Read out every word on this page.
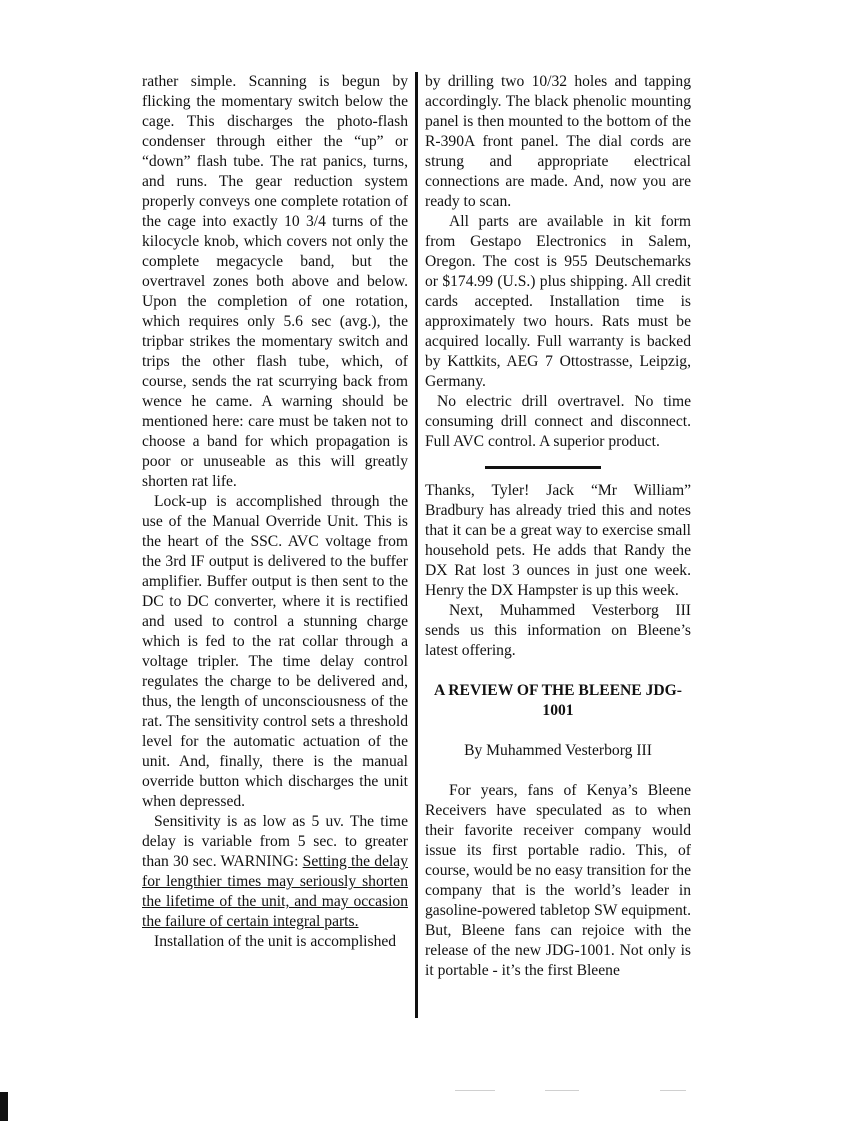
rather simple. Scanning is begun by flicking the momentary switch below the cage. This discharges the photo-flash condenser through either the “up” or “down” flash tube. The rat panics, turns, and runs. The gear reduction system properly conveys one complete rotation of the cage into exactly 10 3/4 turns of the kilocycle knob, which covers not only the complete megacycle band, but the overtravel zones both above and below. Upon the completion of one rotation, which requires only 5.6 sec (avg.), the tripbar strikes the momentary switch and trips the other flash tube, which, of course, sends the rat scurrying back from wence he came. A warning should be mentioned here: care must be taken not to choose a band for which propagation is poor or unuseable as this will greatly shorten rat life.

Lock-up is accomplished through the use of the Manual Override Unit. This is the heart of the SSC. AVC voltage from the 3rd IF output is delivered to the buffer amplifier. Buffer output is then sent to the DC to DC converter, where it is rectified and used to control a stunning charge which is fed to the rat collar through a voltage tripler. The time delay control regulates the charge to be delivered and, thus, the length of unconsciousness of the rat. The sensitivity control sets a threshold level for the automatic actuation of the unit. And, finally, there is the manual override button which discharges the unit when depressed.

Sensitivity is as low as 5 uv. The time delay is variable from 5 sec. to greater than 30 sec. WARNING: Setting the delay for lengthier times may seriously shorten the lifetime of the unit, and may occasion the failure of certain integral parts.

Installation of the unit is accomplished

by drilling two 10/32 holes and tapping accordingly. The black phenolic mounting panel is then mounted to the bottom of the R-390A front panel. The dial cords are strung and appropriate electrical connections are made. And, now you are ready to scan.

All parts are available in kit form from Gestapo Electronics in Salem, Oregon. The cost is 955 Deutschemarks or $174.99 (U.S.) plus shipping. All credit cards accepted. Installation time is approximately two hours. Rats must be acquired locally. Full warranty is backed by Kattkits, AEG 7 Ottostrasse, Leipzig, Germany.

No electric drill overtravel. No time consuming drill connect and disconnect. Full AVC control. A superior product.

Thanks, Tyler! Jack “Mr William” Bradbury has already tried this and notes that it can be a great way to exercise small household pets. He adds that Randy the DX Rat lost 3 ounces in just one week. Henry the DX Hampster is up this week.

Next, Muhammed Vesterborg III sends us this information on Bleene’s latest offering.

A REVIEW OF THE BLEENE JDG-1001

By Muhammed Vesterborg III

For years, fans of Kenya’s Bleene Receivers have speculated as to when their favorite receiver company would issue its first portable radio. This, of course, would be no easy transition for the company that is the world’s leader in gasoline-powered tabletop SW equipment. But, Bleene fans can rejoice with the release of the new JDG-1001. Not only is it portable - it’s the first Bleene
